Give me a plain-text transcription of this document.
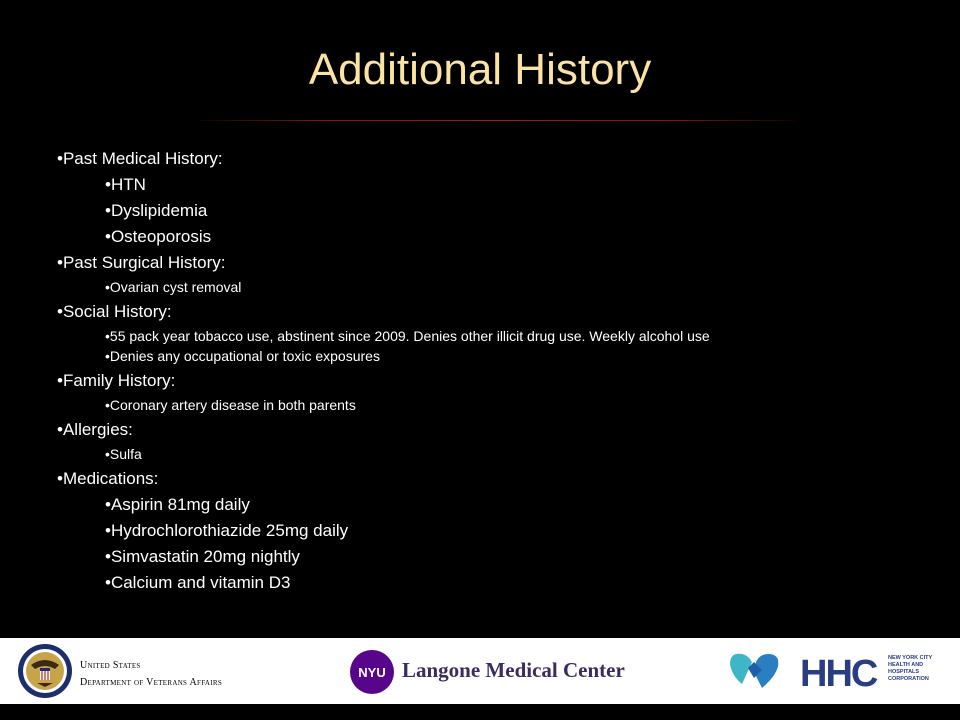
Additional History
•Past Medical History:
•HTN
•Dyslipidemia
•Osteoporosis
•Past Surgical History:
•Ovarian cyst removal
•Social History:
•55 pack year tobacco use, abstinent since 2009. Denies other illicit drug use. Weekly alcohol use
•Denies any occupational or toxic exposures
•Family History:
•Coronary artery disease in both parents
•Allergies:
•Sulfa
•Medications:
•Aspirin 81mg daily
•Hydrochlorothiazide 25mg daily
•Simvastatin 20mg nightly
•Calcium and vitamin D3
United States
Department of Veterans Affairs
NYU Langone Medical Center	HHC NEW YORK CITY
HEALTH AND
HOSPITALS
CORPORATION
